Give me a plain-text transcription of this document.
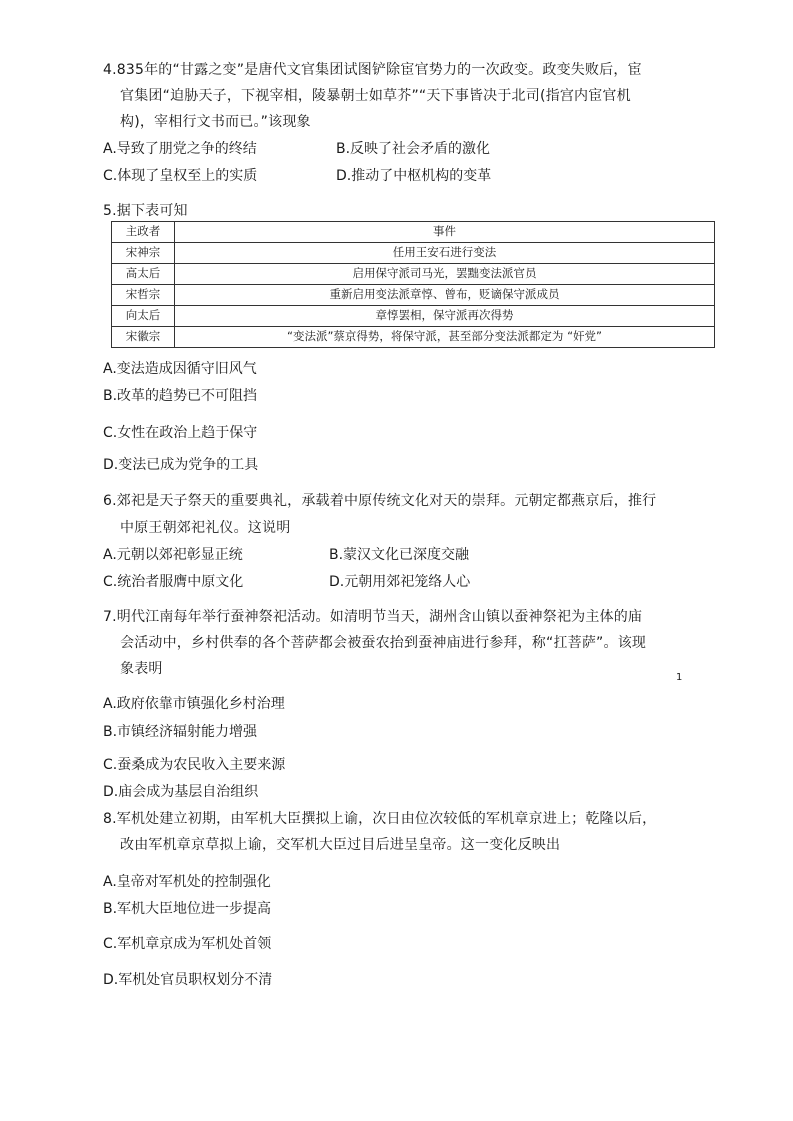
4.835年的“甘露之变”是唐代文官集团试图铲除宦官势力的一次政变。政变失败后，宦
官集团“迫胁天子，下视宰相，陵暴朝士如草芥”“天下事皆决于北司(指宫内宦官机
构)，宰相行文书而已。”该现象
A.导致了朋党之争的终结	B.反映了社会矛盾的激化
C.体现了皇权至上的实质	D.推动了中枢机构的变革
5.据下表可知
主政者	事件
宋神宗	任用王安石进行变法
高太后	启用保守派司马光，罢黜变法派官员
宋哲宗	重新启用变法派章惇、曾布，贬谪保守派成员
向太后	章惇罢相，保守派再次得势
宋徽宗	“变法派”蔡京得势，将保守派，甚至部分变法派都定为 “奸党”
A.变法造成因循守旧风气
B.改革的趋势已不可阻挡
C.女性在政治上趋于保守
D.变法已成为党争的工具
6.郊祀是天子祭天的重要典礼，承载着中原传统文化对天的崇拜。元朝定都燕京后，推行
中原王朝郊祀礼仪。这说明
A.元朝以郊祀彰显正统	B.蒙汉文化已深度交融
C.统治者服膺中原文化	D.元朝用郊祀笼络人心
7.明代江南每年举行蚕神祭祀活动。如清明节当天，湖州含山镇以蚕神祭祀为主体的庙
会活动中，乡村供奉的各个菩萨都会被蚕农抬到蚕神庙进行参拜，称“扛菩萨”。该现
象表明
1
A.政府依靠市镇强化乡村治理
B.市镇经济辐射能力增强
C.蚕桑成为农民收入主要来源
D.庙会成为基层自治组织
8.军机处建立初期，由军机大臣撰拟上谕，次日由位次较低的军机章京进上；乾隆以后，
改由军机章京草拟上谕，交军机大臣过目后进呈皇帝。这一变化反映出
A.皇帝对军机处的控制强化
B.军机大臣地位进一步提高
C.军机章京成为军机处首领
D.军机处官员职权划分不清
